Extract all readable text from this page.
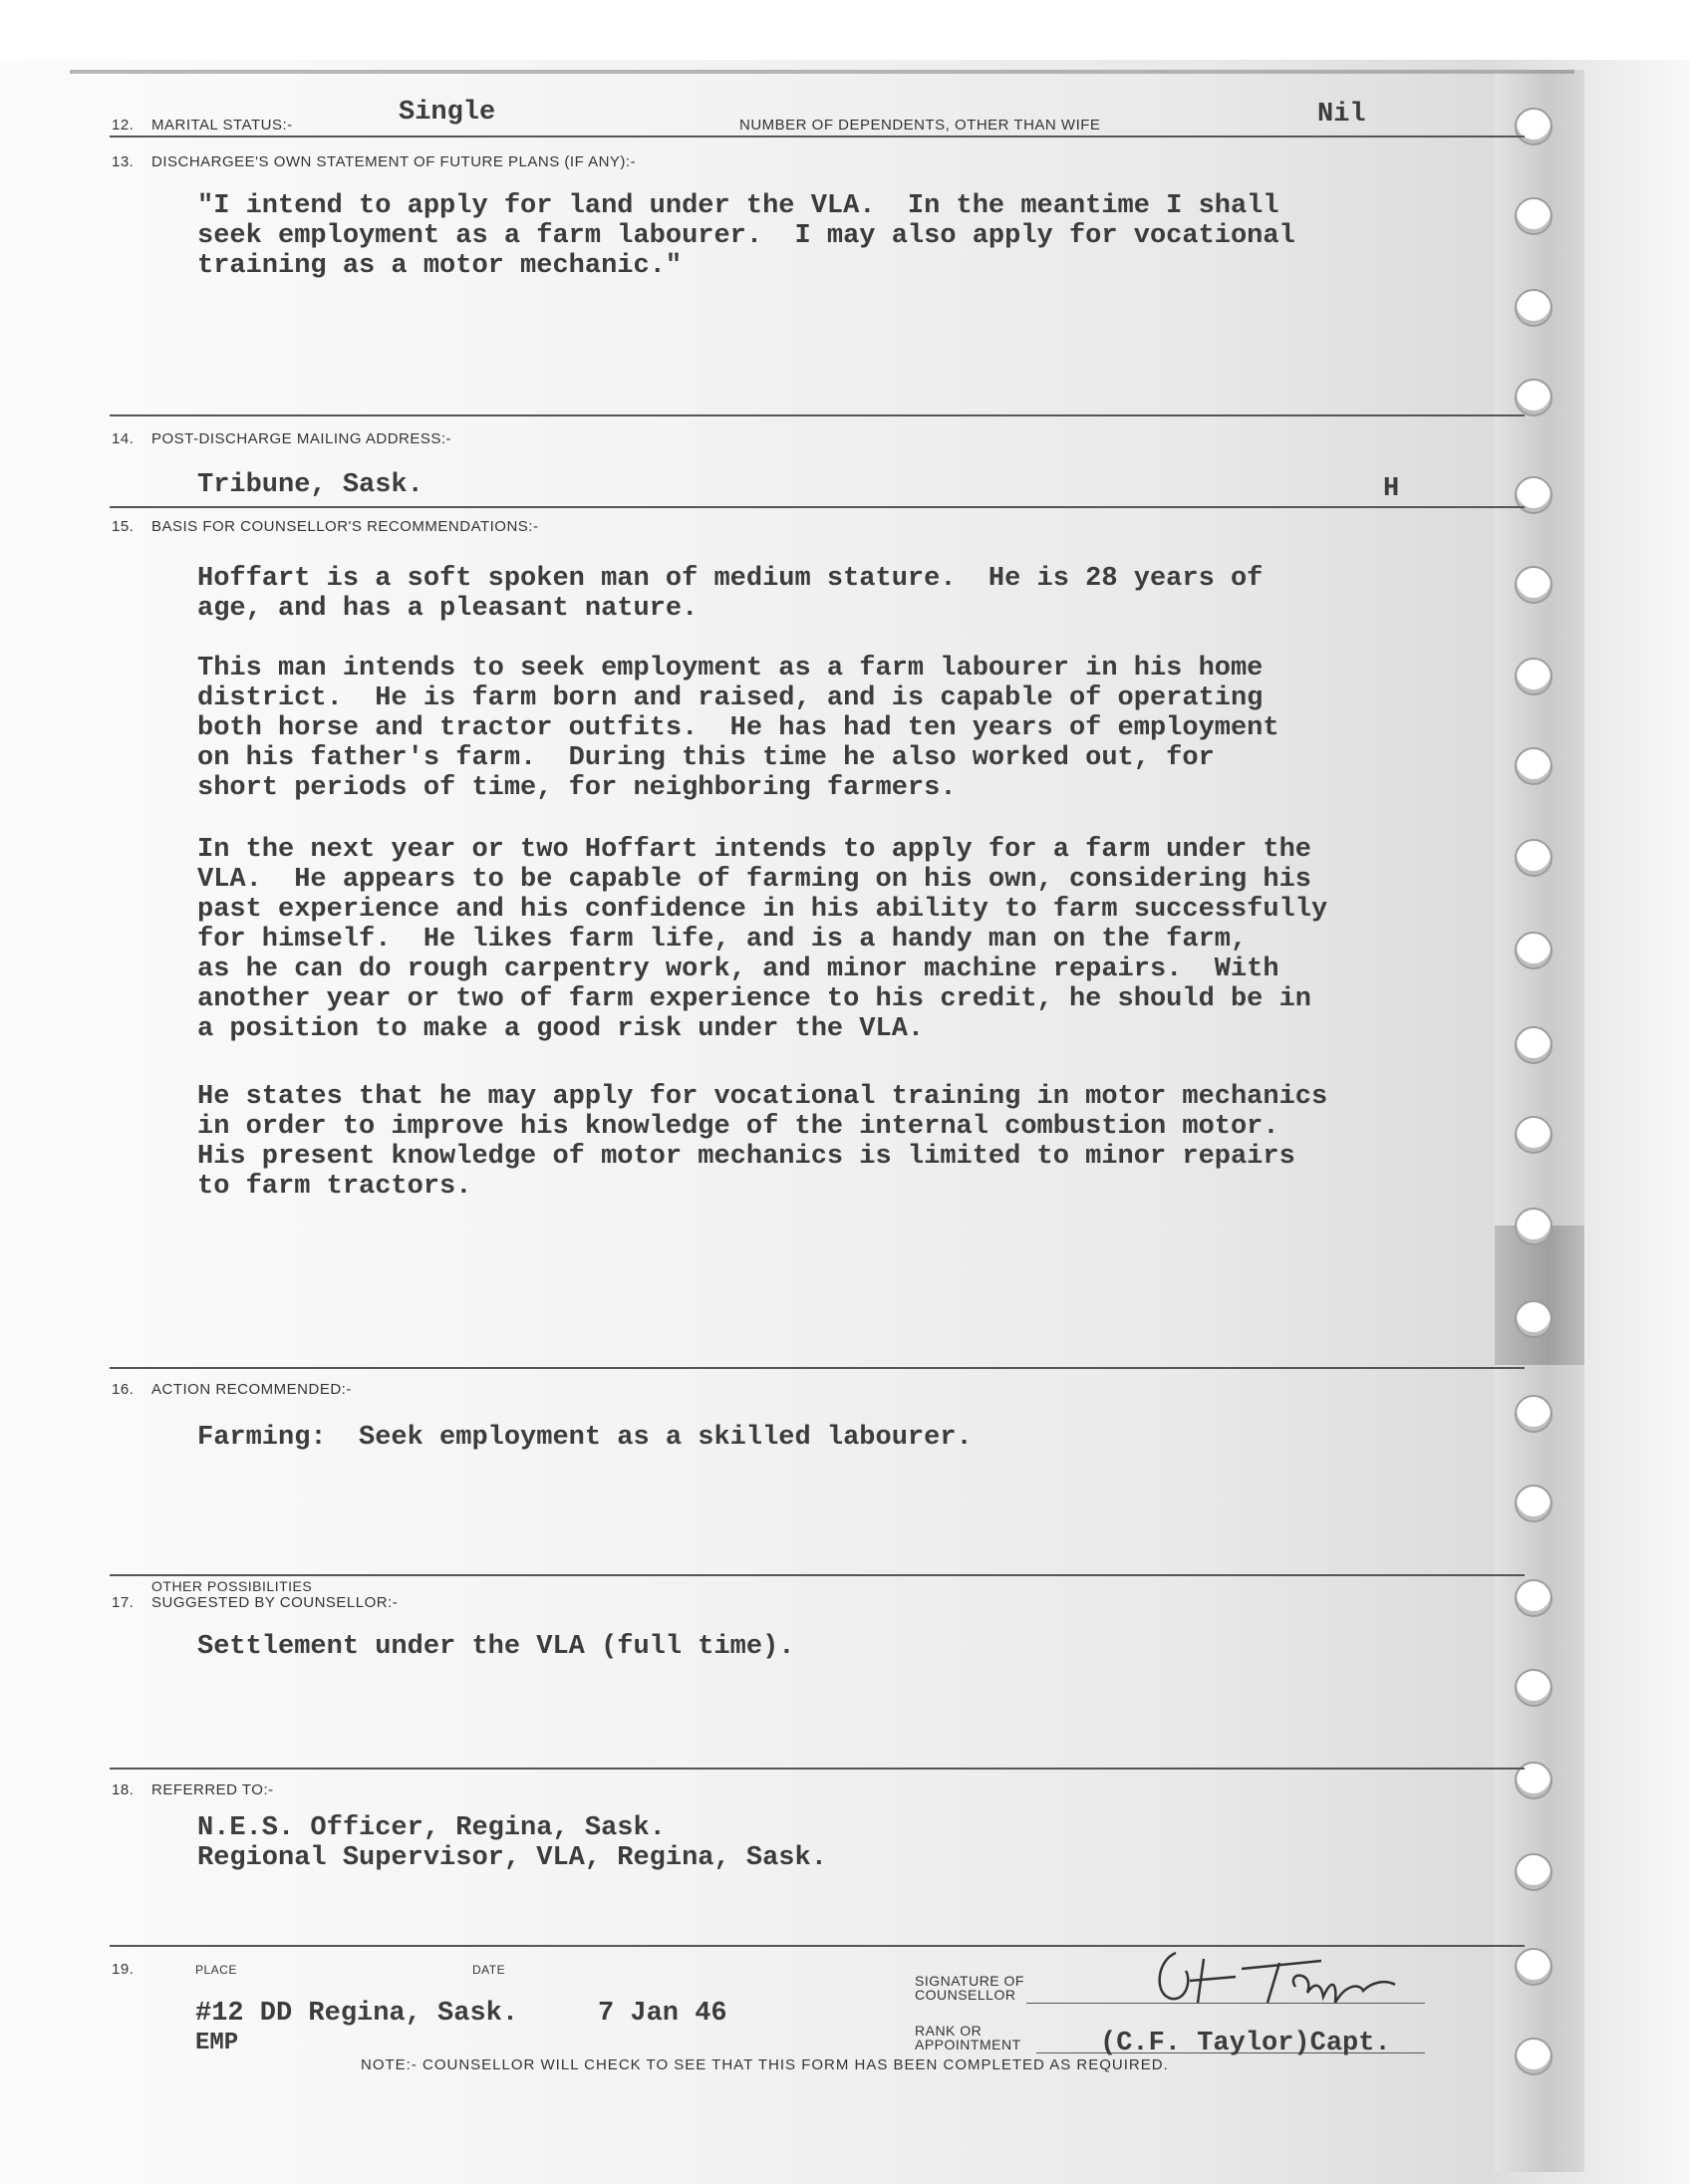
12. MARITAL STATUS:-	Single	NUMBER OF DEPENDENTS, OTHER THAN WIFE	Nil
13. DISCHARGEE'S OWN STATEMENT OF FUTURE PLANS (IF ANY):-
"I intend to apply for land under the VLA.  In the meantime I shall
seek employment as a farm labourer.  I may also apply for vocational
training as a motor mechanic."
14. POST-DISCHARGE MAILING ADDRESS:-
Tribune, Sask.	H
15. BASIS FOR COUNSELLOR'S RECOMMENDATIONS:-
Hoffart is a soft spoken man of medium stature.  He is 28 years of
age, and has a pleasant nature.
This man intends to seek employment as a farm labourer in his home
district.  He is farm born and raised, and is capable of operating
both horse and tractor outfits.  He has had ten years of employment
on his father's farm.  During this time he also worked out, for
short periods of time, for neighboring farmers.
In the next year or two Hoffart intends to apply for a farm under the
VLA.  He appears to be capable of farming on his own, considering his
past experience and his confidence in his ability to farm successfully
for himself.  He likes farm life, and is a handy man on the farm,
as he can do rough carpentry work, and minor machine repairs.  With
another year or two of farm experience to his credit, he should be in
a position to make a good risk under the VLA.
He states that he may apply for vocational training in motor mechanics
in order to improve his knowledge of the internal combustion motor.
His present knowledge of motor mechanics is limited to minor repairs
to farm tractors.
16. ACTION RECOMMENDED:-
Farming:  Seek employment as a skilled labourer.
OTHER POSSIBILITIES
17. SUGGESTED BY COUNSELLOR:-
Settlement under the VLA (full time).
18. REFERRED TO:-
N.E.S. Officer, Regina, Sask.
Regional Supervisor, VLA, Regina, Sask.
19.	PLACE	DATE
#12 DD Regina, Sask.	7 Jan 46
EMP
SIGNATURE OF
COUNSELLOR
RANK OR
APPOINTMENT	(C.F. Taylor)Capt.
NOTE:- COUNSELLOR WILL CHECK TO SEE THAT THIS FORM HAS BEEN COMPLETED AS REQUIRED.
